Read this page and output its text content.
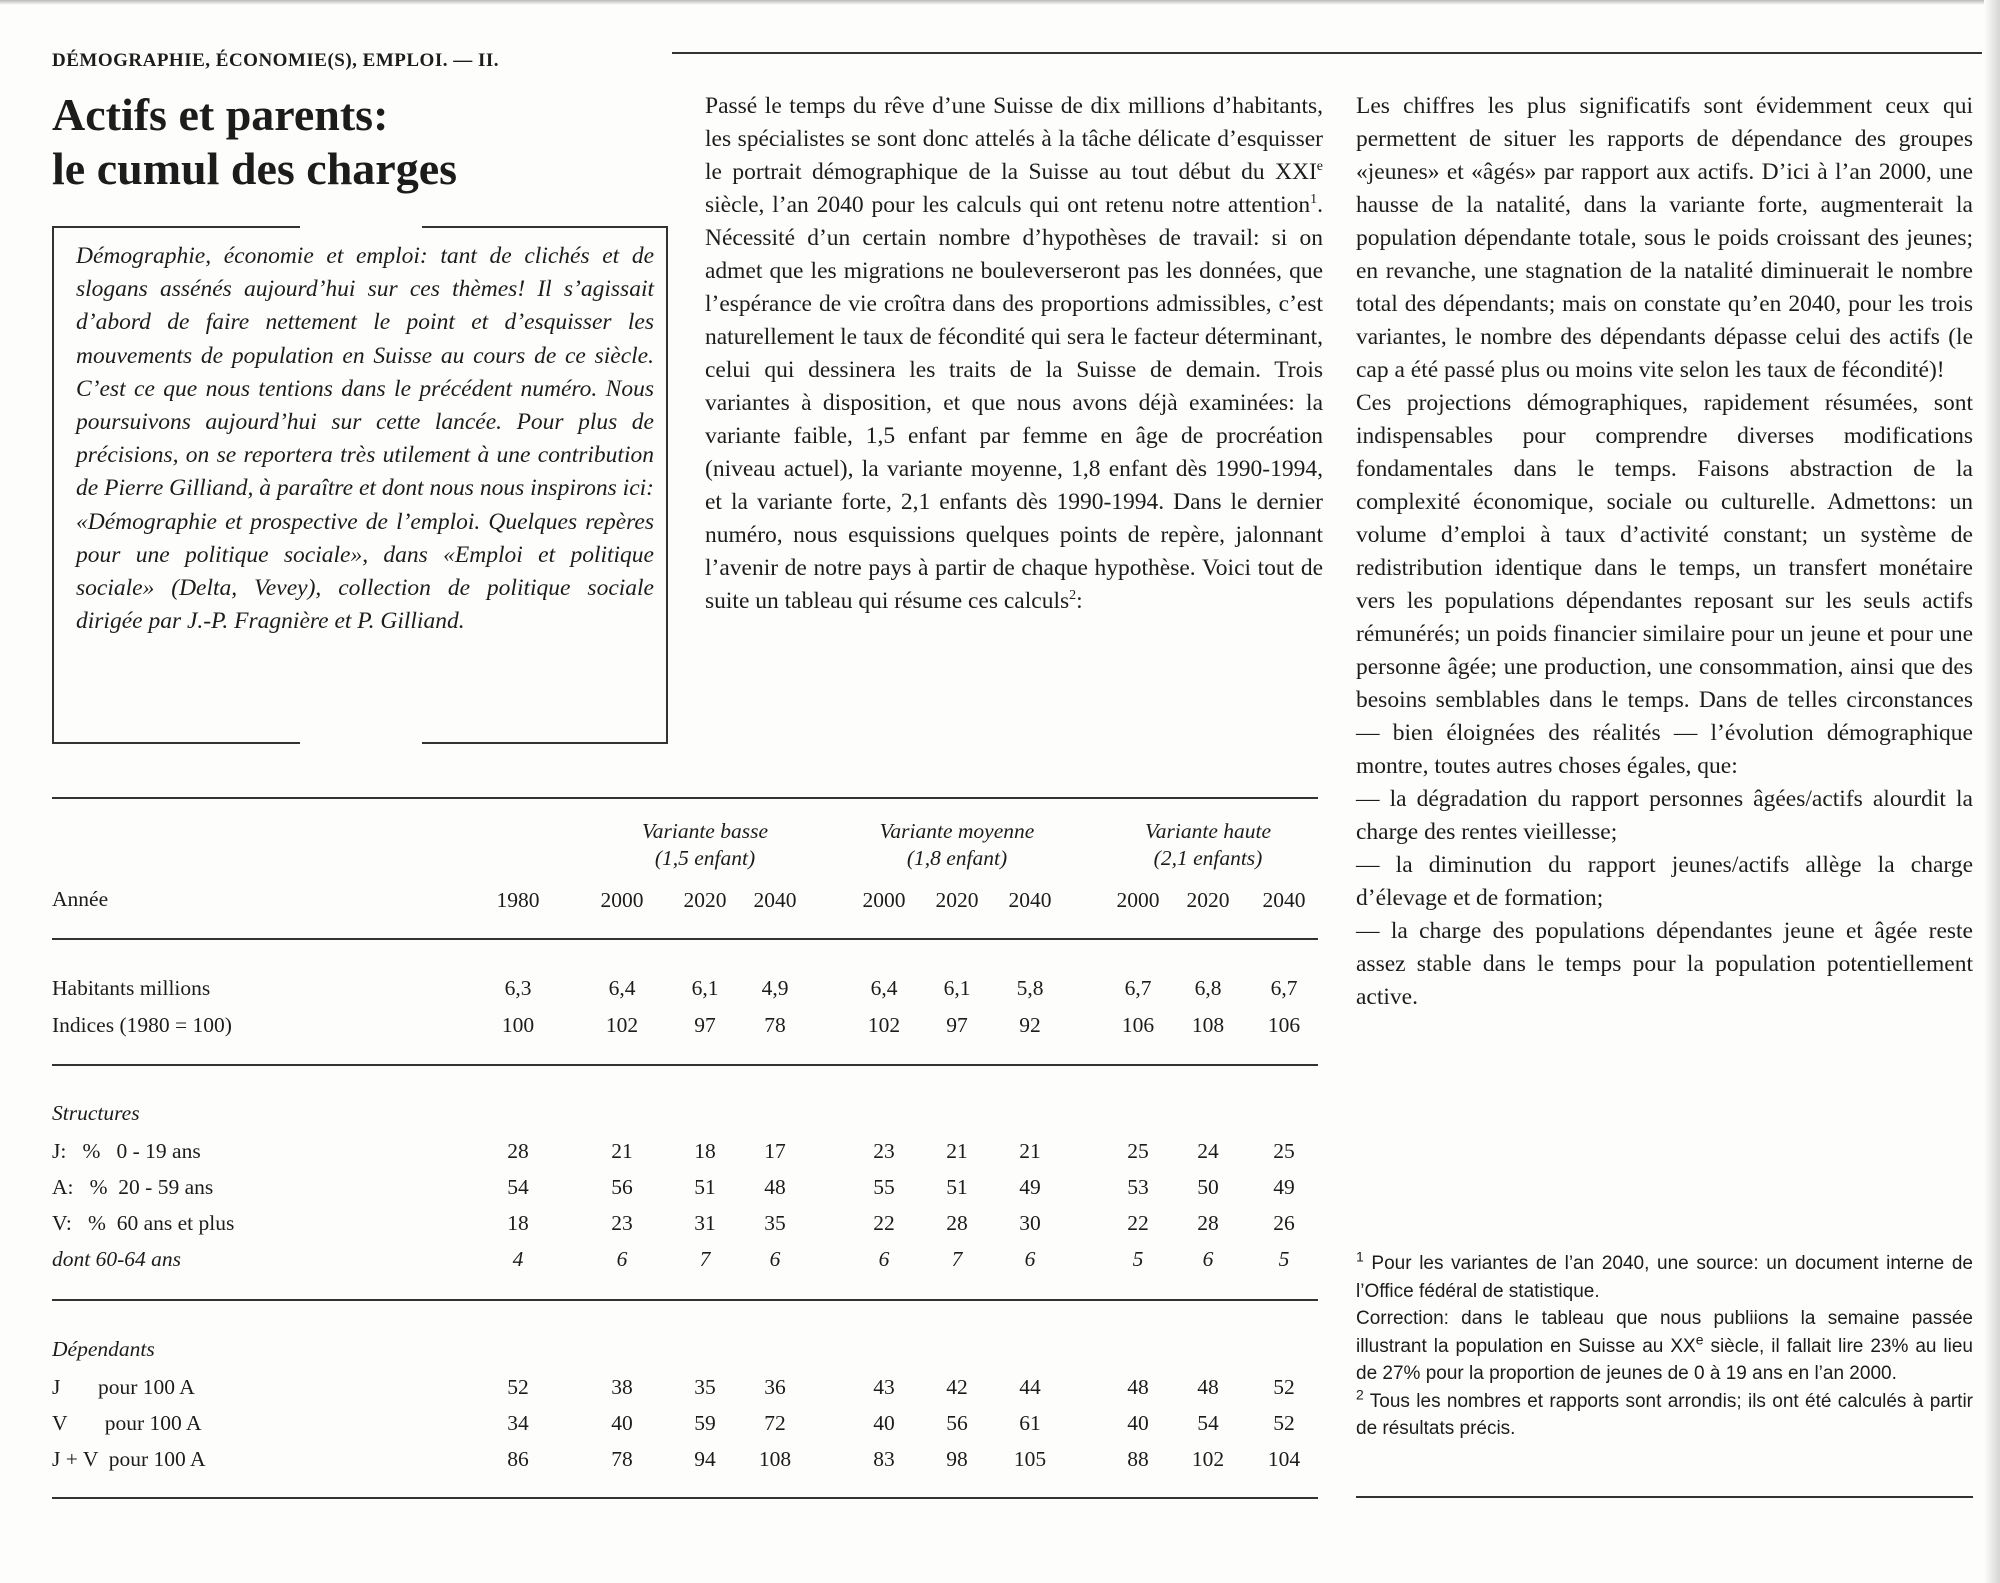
DÉMOGRAPHIE, ÉCONOMIE(S), EMPLOI. — II.
Actifs et parents:
le cumul des charges

Démographie, économie et emploi: tant de clichés et de slogans assénés aujourd’hui sur ces thèmes! Il s’agissait d’abord de faire nettement le point et d’esquisser les mouvements de population en Suisse au cours de ce siècle. C’est ce que nous tentions dans le précédent numéro. Nous poursuivons aujourd’hui sur cette lancée. Pour plus de précisions, on se reportera très utilement à une contribution de Pierre Gilliand, à paraître et dont nous nous inspirons ici: «Démographie et prospective de l’emploi. Quelques repères pour une politique sociale», dans «Emploi et politique sociale» (Delta, Vevey), collection de politique sociale dirigée par J.-P. Fragnière et P. Gilliand.

Passé le temps du rêve d’une Suisse de dix millions d’habitants, les spécialistes se sont donc attelés à la tâche délicate d’esquisser le portrait démographique de la Suisse au tout début du XXIe siècle, l’an 2040 pour les calculs qui ont retenu notre attention$^1$. Nécessité d’un certain nombre d’hypothèses de travail: si on admet que les migrations ne bouleverseront pas les données, que l’espérance de vie croîtra dans des proportions admissibles, c’est naturellement le taux de fécondité qui sera le facteur déterminant, celui qui dessinera les traits de la Suisse de demain. Trois variantes à disposition, et que nous avons déjà examinées: la variante faible, 1,5 enfant par femme en âge de procréation (niveau actuel), la variante moyenne, 1,8 enfant dès 1990-1994, et la variante forte, 2,1 enfants dès 1990-1994. Dans le dernier numéro, nous esquissions quelques points de repère, jalonnant l’avenir de notre pays à partir de chaque hypothèse. Voici tout de suite un tableau qui résume ces calculs$^2$:

Les chiffres les plus significatifs sont évidemment ceux qui permettent de situer les rapports de dépendance des groupes «jeunes» et «âgés» par rapport aux actifs. D’ici à l’an 2000, une hausse de la natalité, dans la variante forte, augmenterait la population dépendante totale, sous le poids croissant des jeunes; en revanche, une stagnation de la natalité diminuerait le nombre total des dépendants; mais on constate qu’en 2040, pour les trois variantes, le nombre des dépendants dépasse celui des actifs (le cap a été passé plus ou moins vite selon les taux de fécondité)!

Ces projections démographiques, rapidement résumées, sont indispensables pour comprendre diverses modifications fondamentales dans le temps. Faisons abstraction de la complexité économique, sociale ou culturelle. Admettons: un volume d’emploi à taux d’activité constant; un système de redistribution identique dans le temps, un transfert monétaire vers les populations dépendantes reposant sur les seuls actifs rémunérés; un poids financier similaire pour un jeune et pour une personne âgée; une production, une consommation, ainsi que des besoins semblables dans le temps. Dans de telles circonstances — bien éloignées des réalités — l’évolution démographique montre, toutes autres choses égales, que:

— la dégradation du rapport personnes âgées/actifs alourdit la charge des rentes vieillesse;

— la diminution du rapport jeunes/actifs allège la charge d’élevage et de formation;

— la charge des populations dépendantes jeune et âgée reste assez stable dans le temps pour la population potentiellement active.

$^1$ Pour les variantes de l’an 2040, une source: un document interne de l’Office fédéral de statistique.

Correction: dans le tableau que nous publiions la semaine passée illustrant la population en Suisse au XXe siècle, il fallait lire 23% au lieu de 27% pour la proportion de jeunes de 0 à 19 ans en l’an 2000.

$^2$ Tous les nombres et rapports sont arrondis; ils ont été calculés à partir de résultats précis.

Variante basse
(1,5 enfant)
Variante moyenne
(1,8 enfant)
Variante haute
(2,1 enfants)
Année	1980	2000	2020	2040	2000	2020	2040	2000	2020	2040
Habitants millions	6,3	6,4	6,1	4,9	6,4	6,1	5,8	6,7	6,8	6,7
Indices (1980 = 100)	100	102	97	78	102	97	92	106	108	106
Structures
J:   %   0 - 19 ans	28	21	18	17	23	21	21	25	24	25
A:   %  20 - 59 ans	54	56	51	48	55	51	49	53	50	49
V:   %  60 ans et plus	18	23	31	35	22	28	30	22	28	26
dont 60-64 ans	4	6	7	6	6	7	6	5	6	5
Dépendants
J       pour 100 A	52	38	35	36	43	42	44	48	48	52
V       pour 100 A	34	40	59	72	40	56	61	40	54	52
J + V  pour 100 A	86	78	94	108	83	98	105	88	102	104
